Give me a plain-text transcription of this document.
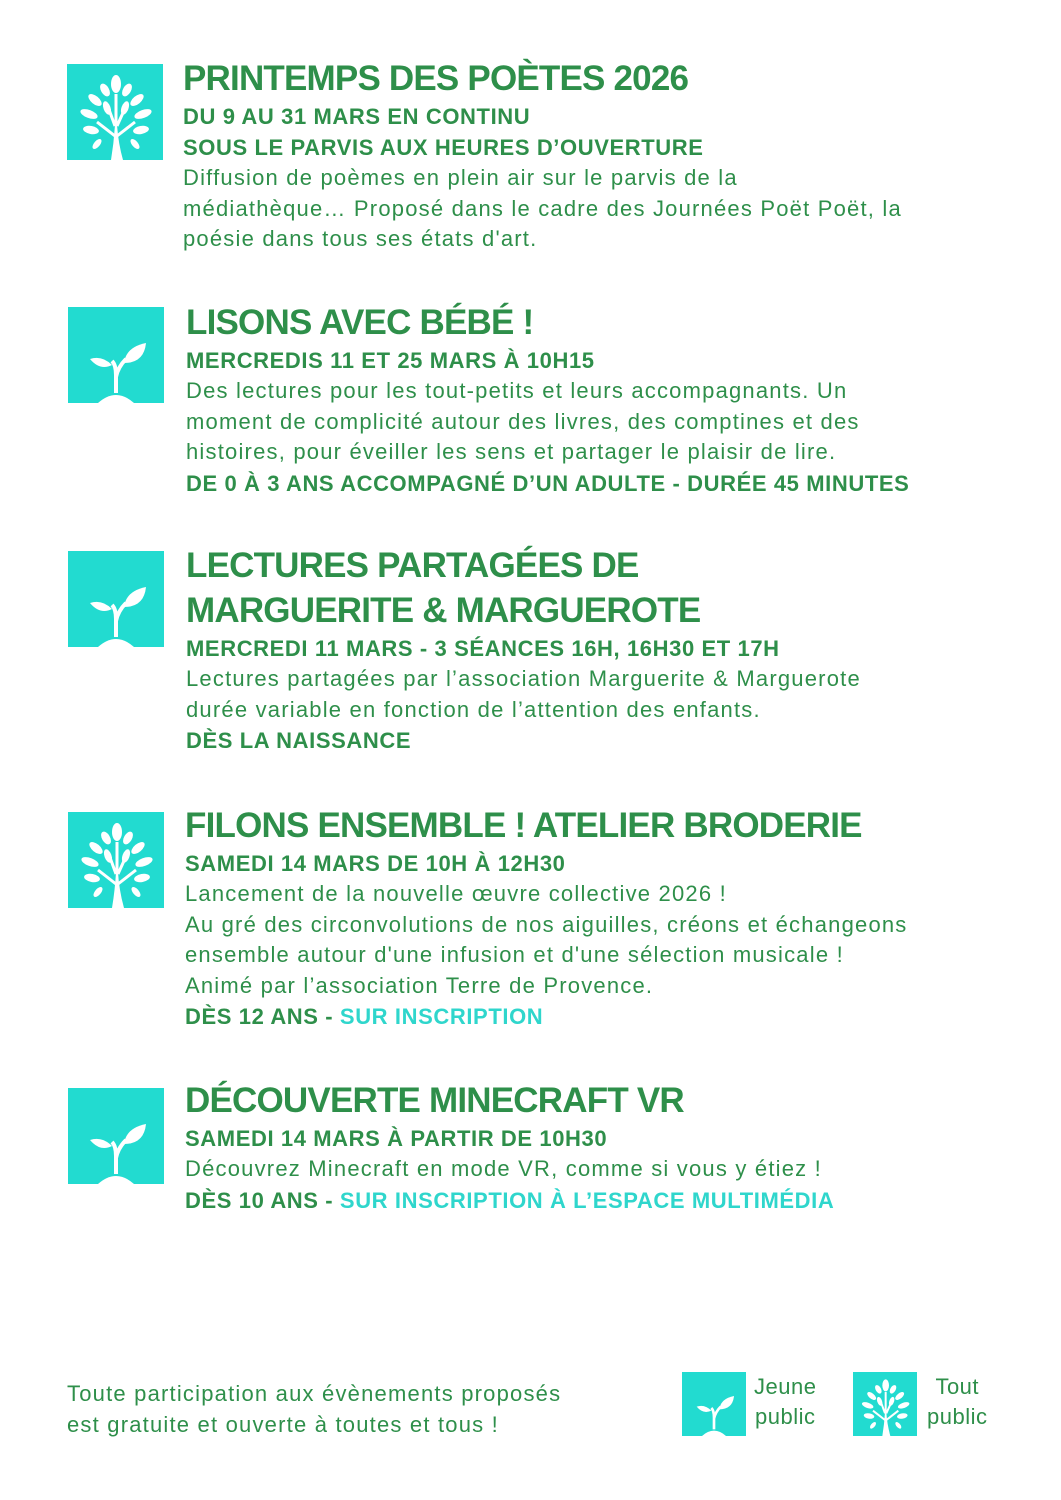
PRINTEMPS DES POÈTES 2026
DU 9 AU 31 MARS EN CONTINU
SOUS LE PARVIS AUX HEURES D’OUVERTURE
Diffusion de poèmes en plein air sur le parvis de la
médiathèque… Proposé dans le cadre des Journées Poët Poët, la
poésie dans tous ses états d'art.
LISONS AVEC BÉBÉ !
MERCREDIS 11 ET 25 MARS À 10H15
Des lectures pour les tout-petits et leurs accompagnants. Un
moment de complicité autour des livres, des comptines et des
histoires, pour éveiller les sens et partager le plaisir de lire.
DE 0 À 3 ANS ACCOMPAGNÉ D’UN ADULTE - DURÉE 45 MINUTES
LECTURES PARTAGÉES DE
MARGUERITE & MARGUEROTE
MERCREDI 11 MARS - 3 SÉANCES 16H, 16H30 ET 17H
Lectures partagées par l’association Marguerite & Marguerote
durée variable en fonction de l’attention des enfants.
DÈS LA NAISSANCE
FILONS ENSEMBLE ! ATELIER BRODERIE
SAMEDI 14 MARS DE 10H À 12H30
Lancement de la nouvelle œuvre collective 2026 !
Au gré des circonvolutions de nos aiguilles, créons et échangeons
ensemble autour d'une infusion et d'une sélection musicale !
Animé par l’association Terre de Provence.
DÈS 12 ANS - SUR INSCRIPTION
DÉCOUVERTE MINECRAFT VR
SAMEDI 14 MARS À PARTIR DE 10H30
Découvrez Minecraft en mode VR, comme si vous y étiez !
DÈS 10 ANS - SUR INSCRIPTION À L’ESPACE MULTIMÉDIA
Toute participation aux évènements proposés
est gratuite et ouverte à toutes et tous !
Jeune
public
Tout
public
